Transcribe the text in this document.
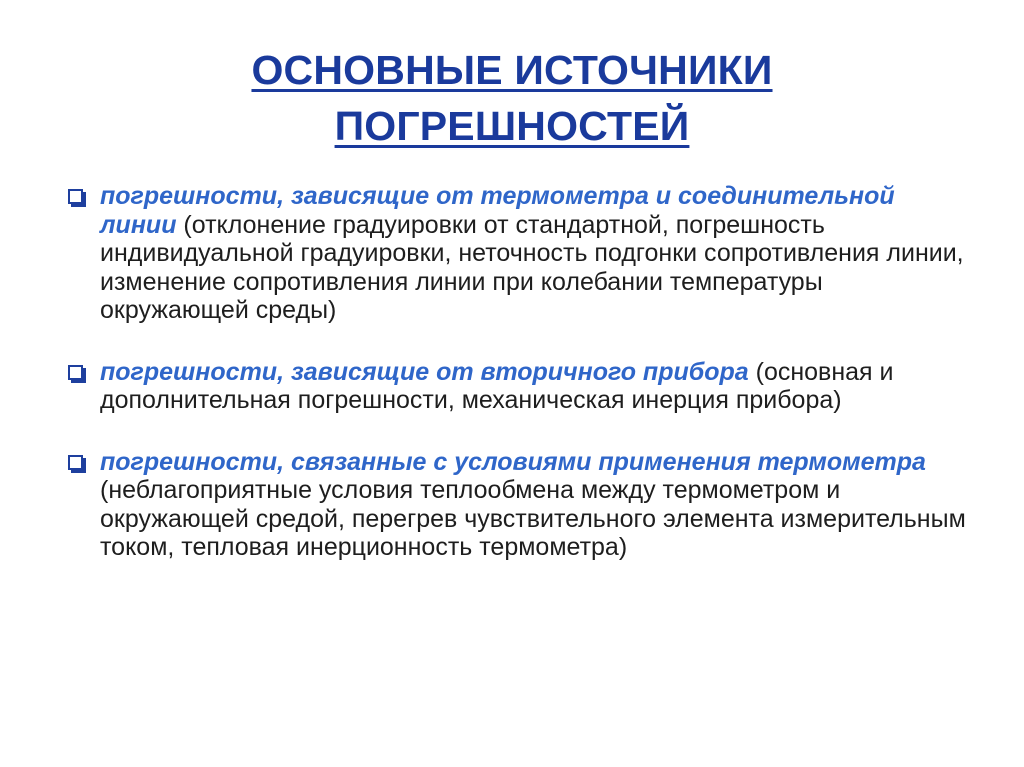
ОСНОВНЫЕ ИСТОЧНИКИ
ПОГРЕШНОСТЕЙ
погрешности, зависящие от термометра и соединительной линии (отклонение градуировки от стандартной, погрешность индивидуальной градуировки, неточность подгонки сопротивления линии, изменение сопротивления линии при колебании температуры окружающей среды)
погрешности, зависящие от вторичного прибора (основная и дополнительная погрешности, механическая инерция прибора)
погрешности, связанные с условиями применения термометра (неблагоприятные условия теплообмена между термометром и окружающей средой, перегрев чувствительного элемента измерительным током, тепловая инерционность термометра)
